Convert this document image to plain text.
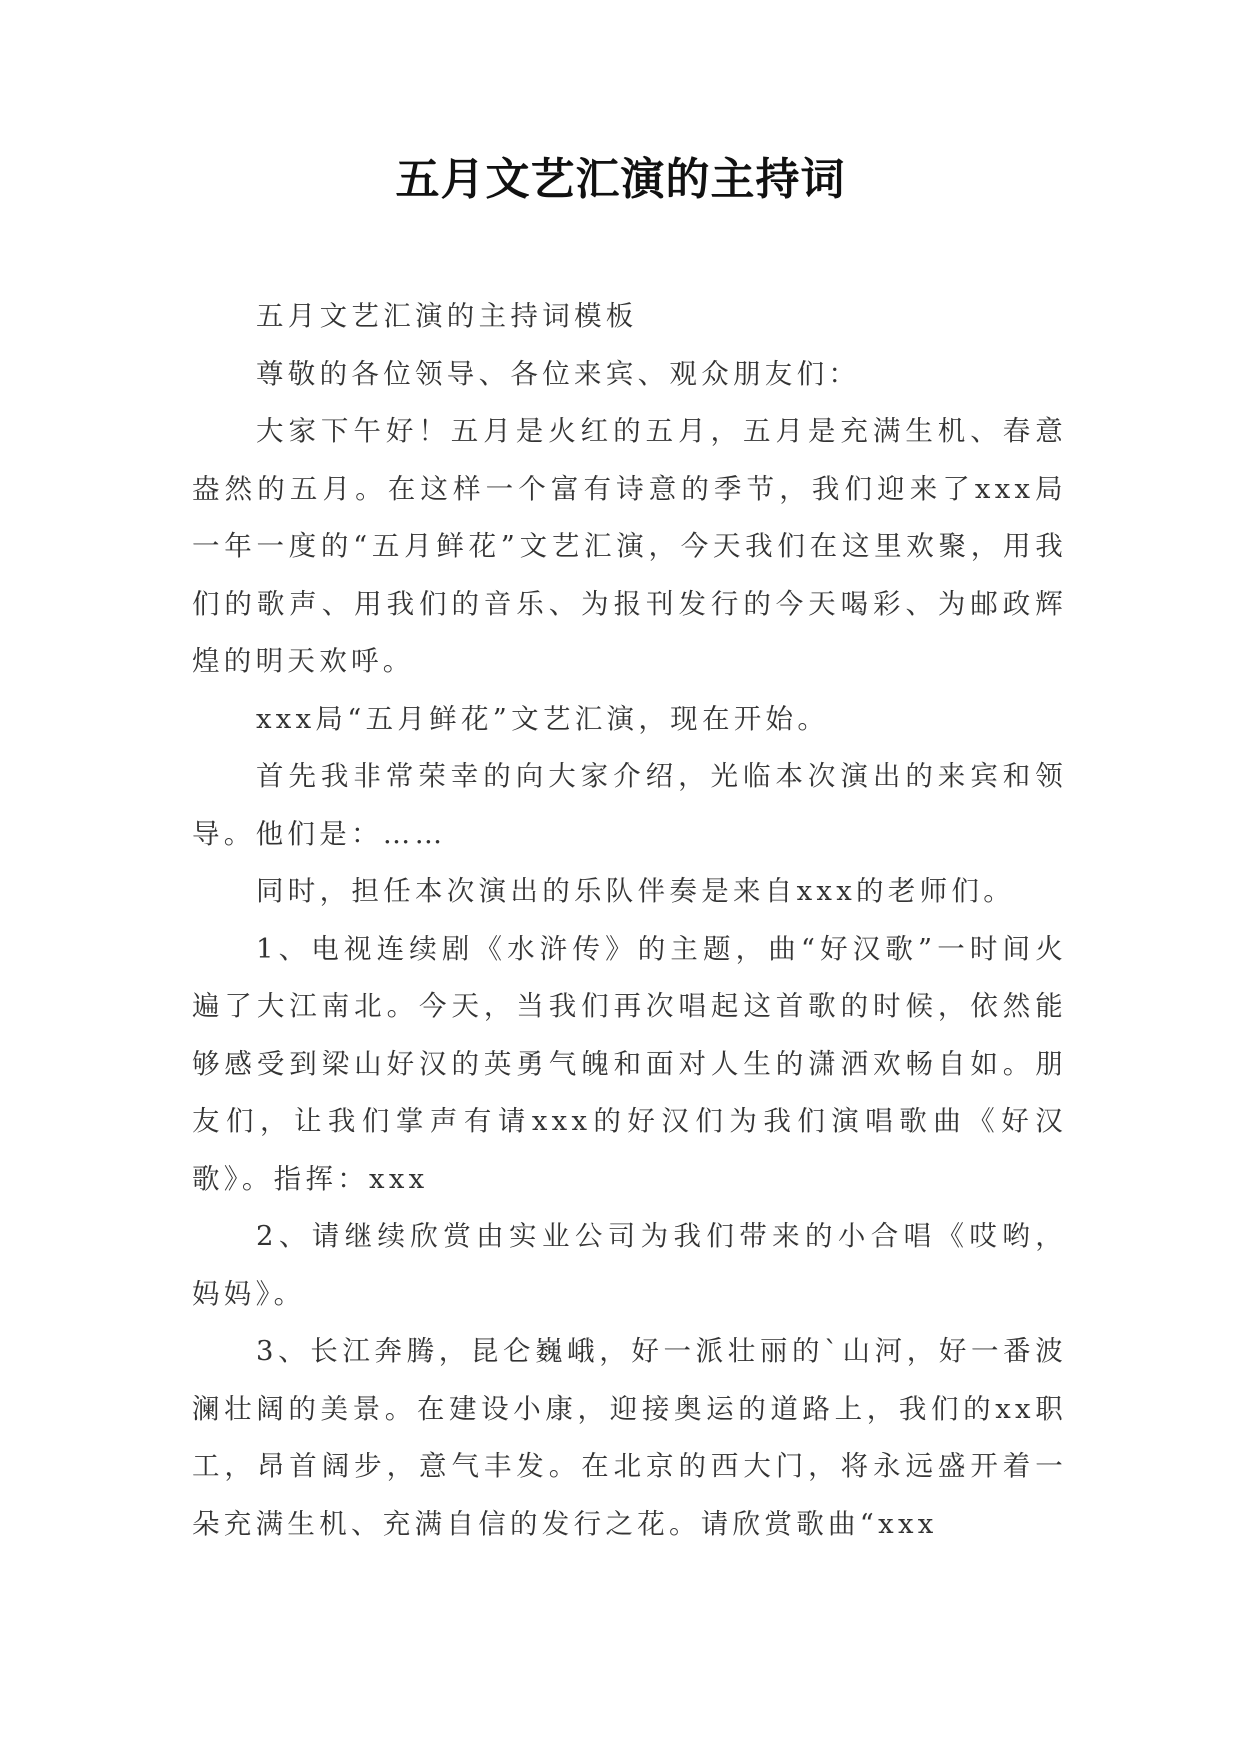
五月文艺汇演的主持词

五月文艺汇演的主持词模板

尊敬的各位领导、各位来宾、观众朋友们：

大家下午好！五月是火红的五月，五月是充满生机、春意盎然的五月。在这样一个富有诗意的季节，我们迎来了xxx局一年一度的“五月鲜花”文艺汇演，今天我们在这里欢聚，用我们的歌声、用我们的音乐、为报刊发行的今天喝彩、为邮政辉煌的明天欢呼。

xxx局“五月鲜花”文艺汇演，现在开始。

首先我非常荣幸的向大家介绍，光临本次演出的来宾和领导。他们是：……

同时，担任本次演出的乐队伴奏是来自xxx的老师们。

1、电视连续剧《水浒传》的主题，曲“好汉歌”一时间火遍了大江南北。今天，当我们再次唱起这首歌的时候，依然能够感受到梁山好汉的英勇气魄和面对人生的潇洒欢畅自如。朋友们，让我们掌声有请xxx的好汉们为我们演唱歌曲《好汉歌》。指挥：xxx

2、请继续欣赏由实业公司为我们带来的小合唱《哎哟，妈妈》。

3、长江奔腾，昆仑巍峨，好一派壮丽的`山河，好一番波澜壮阔的美景。在建设小康，迎接奥运的道路上，我们的xx职工，昂首阔步，意气丰发。在北京的西大门，将永远盛开着一朵充满生机、充满自信的发行之花。请欣赏歌曲“xxx
